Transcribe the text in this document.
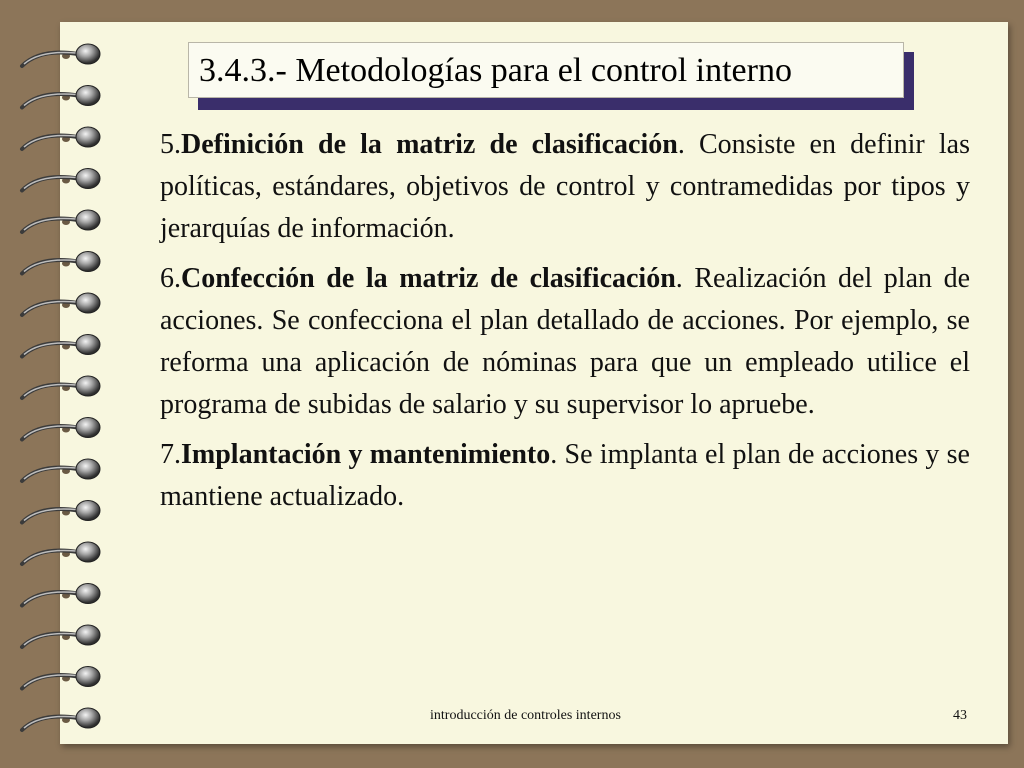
3.4.3.- Metodologías para el control interno

5.Definición de la matriz de clasificación. Consiste en definir las políticas, estándares, objetivos de control y contramedidas por tipos y jerarquías de información.

6.Confección de la matriz de clasificación. Realización del plan de acciones. Se confecciona el plan detallado de acciones. Por ejemplo, se reforma una aplicación de nóminas para que un empleado utilice el programa de subidas de salario y su supervisor lo apruebe.

7.Implantación y mantenimiento. Se implanta el plan de acciones y se mantiene actualizado.

introducción de controles internos	43
